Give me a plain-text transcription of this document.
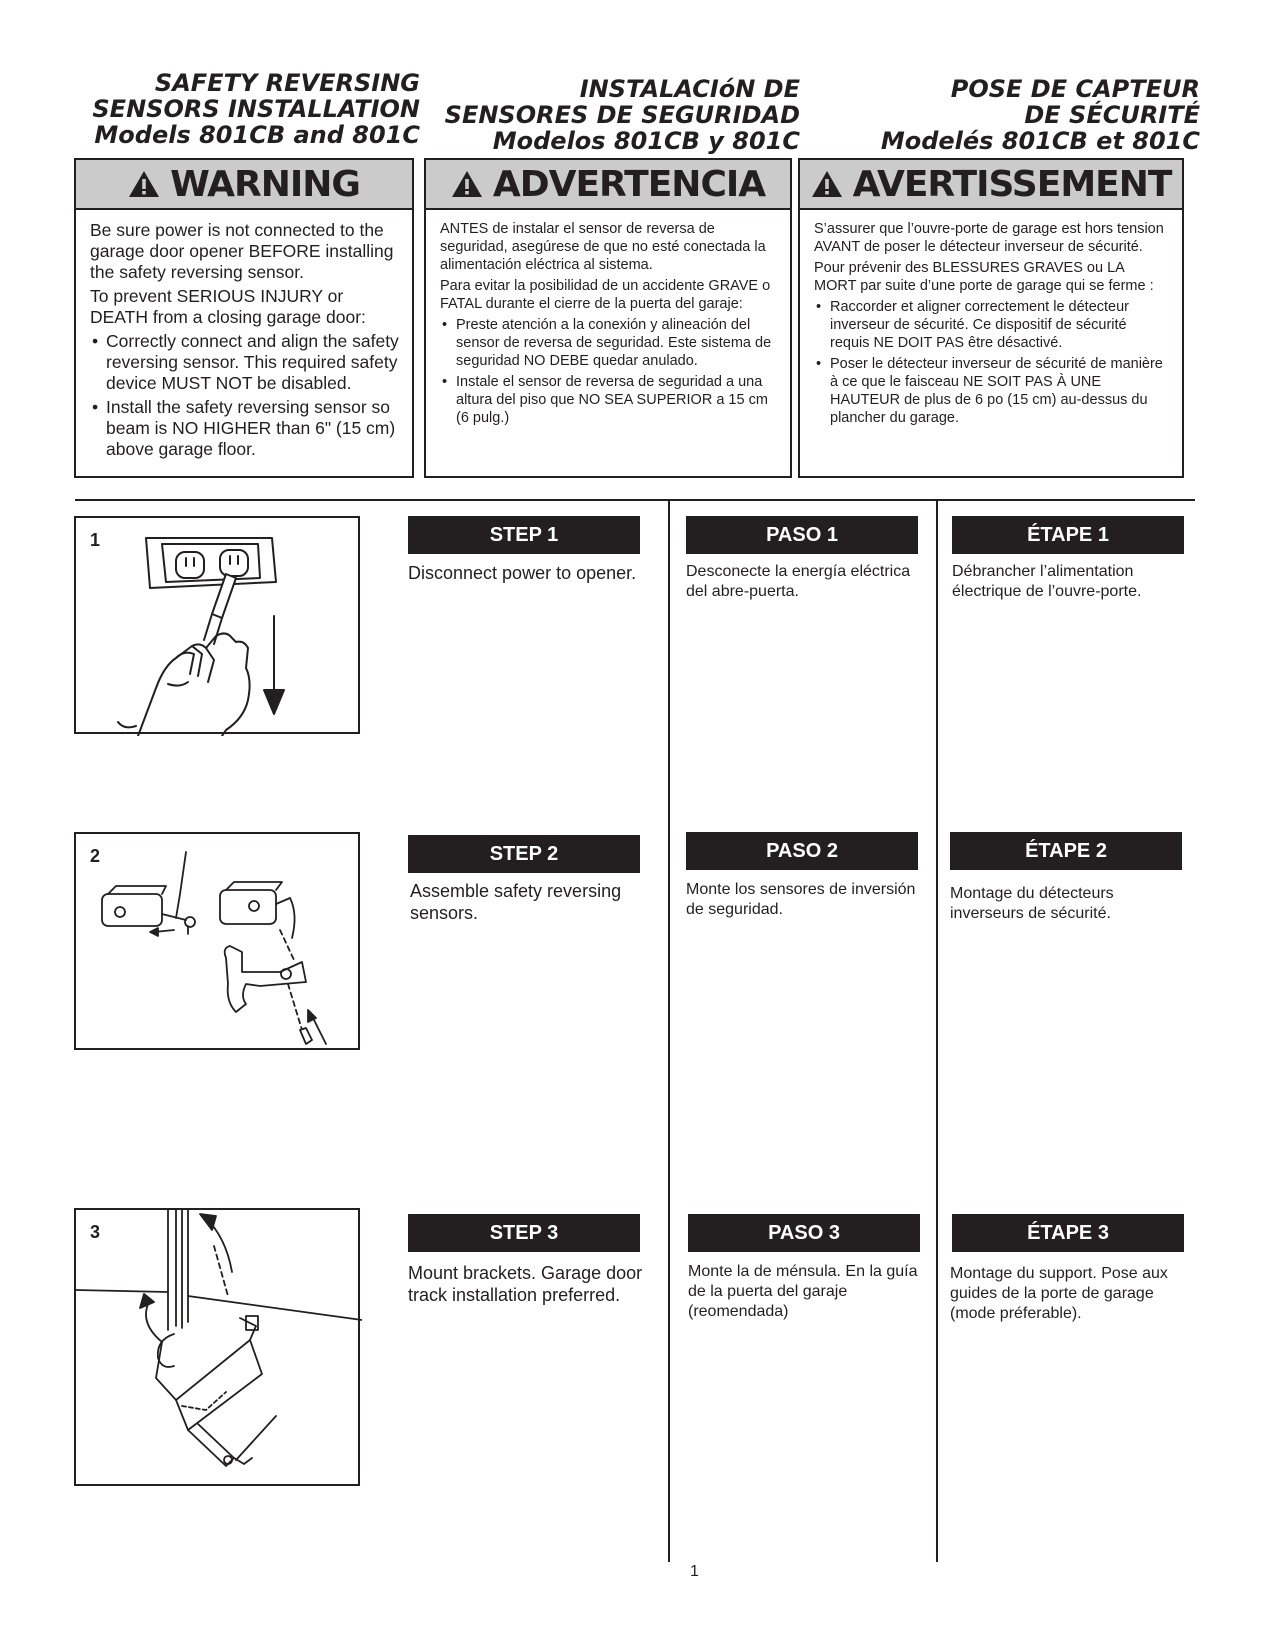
SAFETY REVERSING
SENSORS INSTALLATION
Models 801CB and 801C
INSTALACIóN DE
SENSORES DE SEGURIDAD
Modelos 801CB y 801C
POSE DE CAPTEUR
DE SÉCURITÉ
Modelés 801CB et 801C
WARNING

Be sure power is not connected to the garage door opener BEFORE installing the safety reversing sensor.

To prevent SERIOUS INJURY or DEATH from a closing garage door:

• Correctly connect and align the safety reversing sensor. This required safety device MUST NOT be disabled.
• Install the safety reversing sensor so beam is NO HIGHER than 6" (15 cm) above garage floor.
ADVERTENCIA

ANTES de instalar el sensor de reversa de seguridad, asegúrese de que no esté conectada la alimentación eléctrica al sistema.

Para evitar la posibilidad de un accidente GRAVE o FATAL durante el cierre de la puerta del garaje:

• Preste atención a la conexión y alineación del sensor de reversa de seguridad. Este sistema de seguridad NO DEBE quedar anulado.
• Instale el sensor de reversa de seguridad a una altura del piso que NO SEA SUPERIOR a 15 cm (6 pulg.)
AVERTISSEMENT

S’assurer que l’ouvre-porte de garage est hors tension AVANT de poser le détecteur inverseur de sécurité.

Pour prévenir des BLESSURES GRAVES ou LA MORT par suite d’une porte de garage qui se ferme :

• Raccorder et aligner correctement le détecteur inverseur de sécurité. Ce dispositif de sécurité requis NE DOIT PAS être désactivé.
• Poser le détecteur inverseur de sécurité de manière à ce que le faisceau NE SOIT PAS À UNE HAUTEUR de plus de 6 po (15 cm) au-dessus du plancher du garage.
1
2
3
STEP 1
Disconnect power to opener.
PASO 1
Desconecte la energía eléctrica del abre-puerta.
ÉTAPE 1
Débrancher l’alimentation électrique de l’ouvre-porte.
STEP 2
Assemble safety reversing sensors.
PASO 2
Monte los sensores de inversión de seguridad.
ÉTAPE 2
Montage du détecteurs inverseurs de sécurité.
STEP 3
Mount brackets. Garage door track installation preferred.
PASO 3
Monte la de ménsula. En la guía de la puerta del garaje (reomendada)
ÉTAPE 3
Montage du support. Pose aux guides de la porte de garage (mode préferable).
1
